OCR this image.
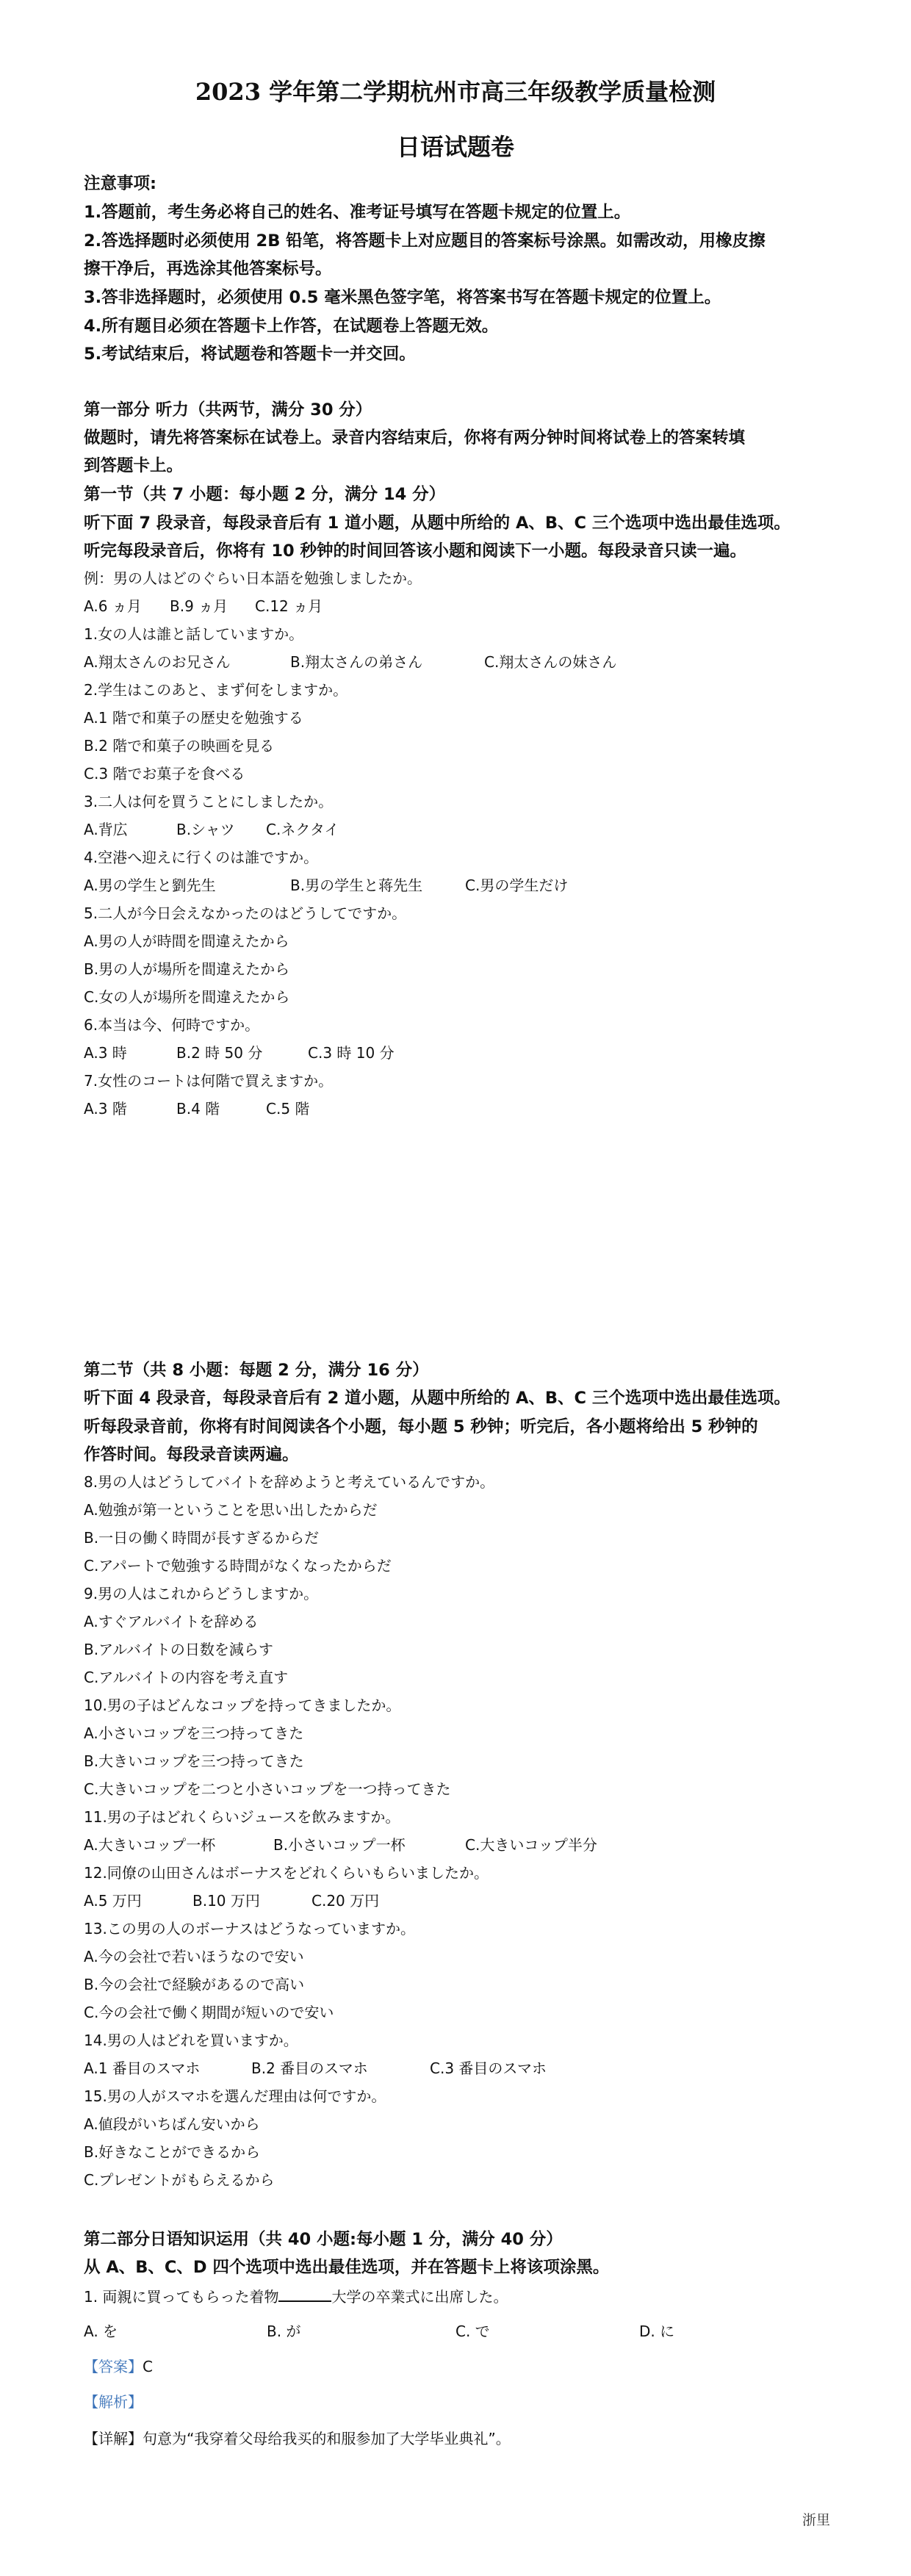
2023 学年第二学期杭州市高三年级教学质量检测
日语试题卷
注意事项:
1.答题前，考生务必将自己的姓名、准考证号填写在答题卡规定的位置上。
2.答选择题时必须使用 2B 铅笔，将答题卡上对应题目的答案标号涂黑。如需改动，用橡皮擦
擦干净后，再选涂其他答案标号。
3.答非选择题时，必须使用 0.5 毫米黑色签字笔，将答案书写在答题卡规定的位置上。
4.所有题目必须在答题卡上作答，在试题卷上答题无效。
5.考试结束后，将试题卷和答题卡一并交回。
第一部分 听力（共两节，满分 30 分）
做题时，请先将答案标在试卷上。录音内容结束后，你将有两分钟时间将试卷上的答案转填
到答题卡上。
第一节（共 7 小题：每小题 2 分，满分 14 分）
听下面 7 段录音，每段录音后有 1 道小题，从题中所给的 A、B、C 三个选项中选出最佳选项。
听完每段录音后，你将有 10 秒钟的时间回答该小题和阅读下一小题。每段录音只读一遍。
例：男の人はどのぐらい日本語を勉強しましたか。
A.6 ヵ月 B.9 ヵ月 C.12 ヵ月
1.女の人は誰と話していますか。
A.翔太さんのお兄さん	B.翔太さんの弟さん	C.翔太さんの妹さん
2.学生はこのあと、まず何をしますか。
A.1 階で和菓子の歴史を勉強する
B.2 階で和菓子の映画を見る
C.3 階でお菓子を食べる
3.二人は何を買うことにしましたか。
A.背広	B.シャツ C.ネクタイ
4.空港へ迎えに行くのは誰ですか。
A.男の学生と劉先生	B.男の学生と蒋先生	C.男の学生だけ
5.二人が今日会えなかったのはどうしてですか。
A.男の人が時間を間違えたから
B.男の人が場所を間違えたから
C.女の人が場所を間違えたから
6.本当は今、何時ですか。
A.3 時	B.2 時 50 分	C.3 時 10 分
7.女性のコートは何階で買えますか。
A.3 階	B.4 階	C.5 階
第二节（共 8 小题：每题 2 分，满分 16 分）
听下面 4 段录音，每段录音后有 2 道小题，从题中所给的 A、B、C 三个选项中选出最佳选项。
听每段录音前，你将有时间阅读各个小题，每小题 5 秒钟；听完后，各小题将给出 5 秒钟的
作答时间。每段录音读两遍。
8.男の人はどうしてバイトを辞めようと考えているんですか。
A.勉強が第一ということを思い出したからだ
B.一日の働く時間が長すぎるからだ
C.アパートで勉強する時間がなくなったからだ
9.男の人はこれからどうしますか。
A.すぐアルバイトを辞める
B.アルバイトの日数を減らす
C.アルバイトの内容を考え直す
10.男の子はどんなコップを持ってきましたか。
A.小さいコップを三つ持ってきた
B.大きいコップを三つ持ってきた
C.大きいコップを二つと小さいコップを一つ持ってきた
11.男の子はどれくらいジュースを飲みますか。
A.大きいコップ一杯	B.小さいコップ一杯	C.大きいコップ半分
12.同僚の山田さんはボーナスをどれくらいもらいましたか。
A.5 万円	B.10 万円	C.20 万円
13.この男の人のボーナスはどうなっていますか。
A.今の会社で若いほうなので安い
B.今の会社で経験があるので高い
C.今の会社で働く期間が短いので安い
14.男の人はどれを買いますか。
A.1 番目のスマホ	B.2 番目のスマホ	C.3 番目のスマホ
15.男の人がスマホを選んだ理由は何ですか。
A.値段がいちばん安いから
B.好きなことができるから
C.プレゼントがもらえるから
第二部分日语知识运用（共 40 小题:每小题 1 分，满分 40 分）
从 A、B、C、D 四个选项中选出最佳选项，并在答题卡上将该项涂黑。
1. 両親に買ってもらった着物	大学の卒業式に出席した。
A. を	B. が	C. で	D. に
【答案】C
【解析】
【详解】句意为“我穿着父母给我买的和服参加了大学毕业典礼”。
浙里
